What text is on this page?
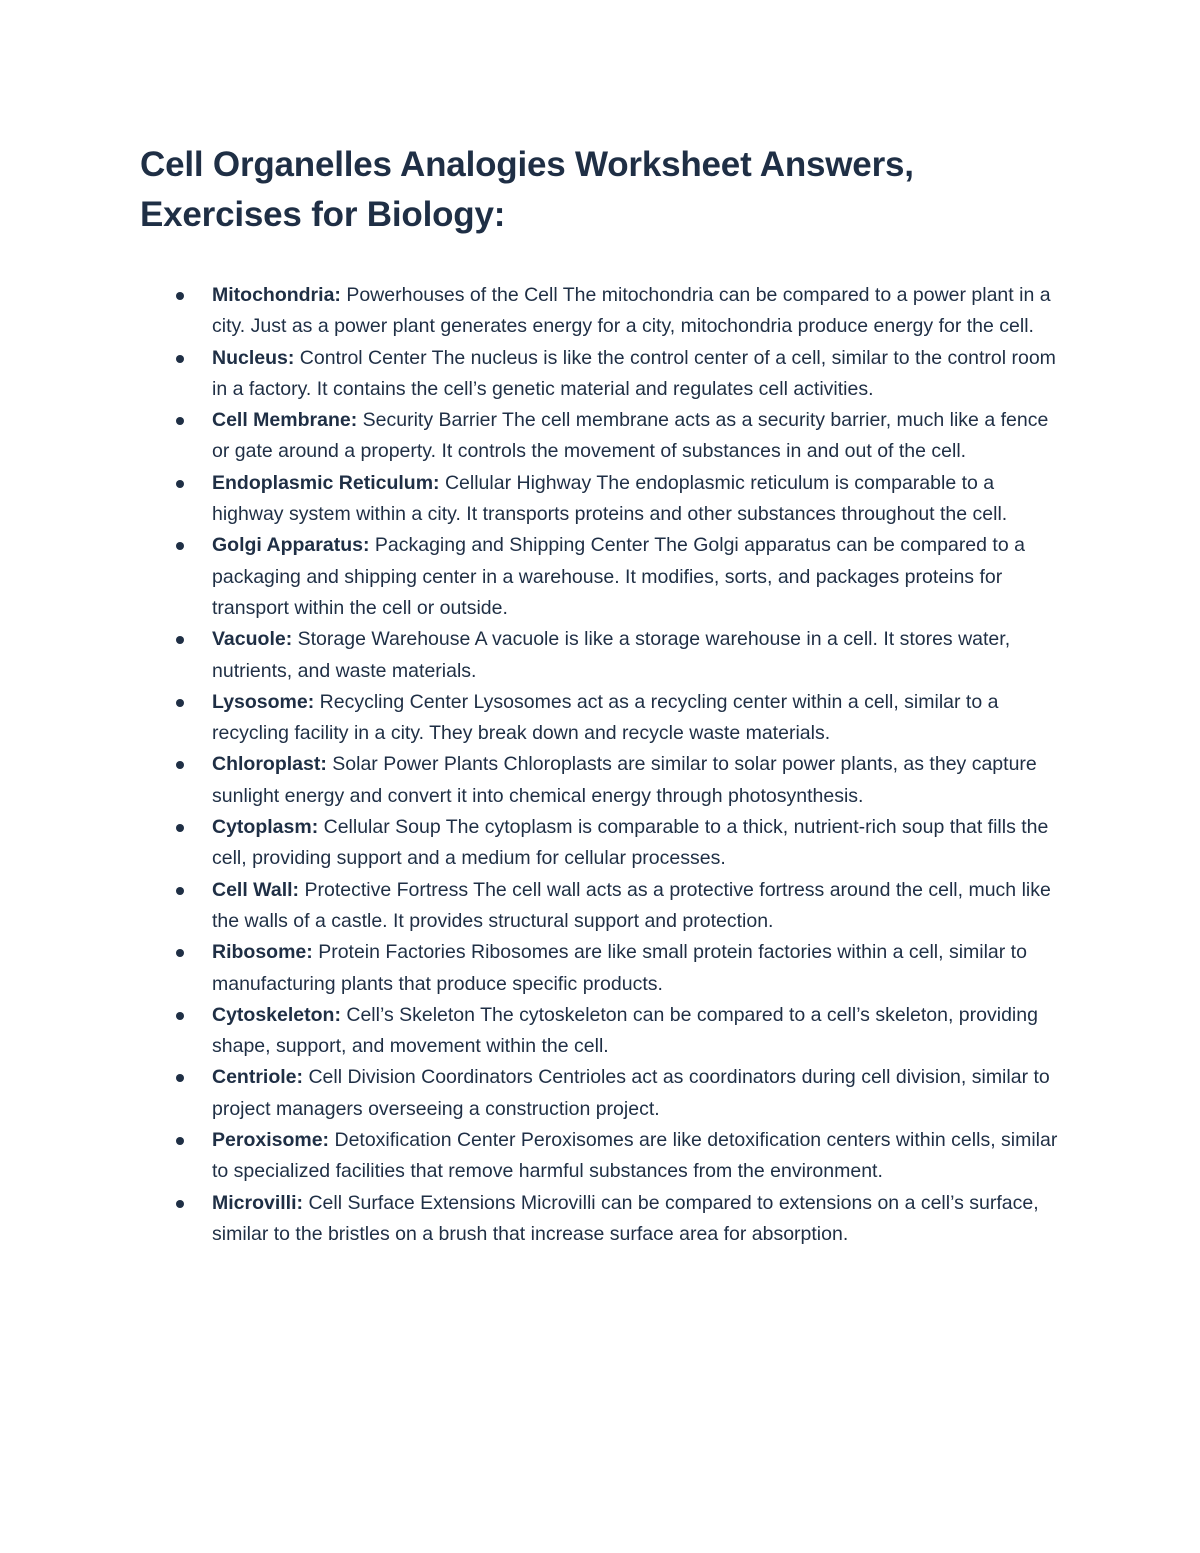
Cell Organelles Analogies Worksheet Answers, Exercises for Biology:
Mitochondria: Powerhouses of the Cell The mitochondria can be compared to a power plant in a city. Just as a power plant generates energy for a city, mitochondria produce energy for the cell.
Nucleus: Control Center The nucleus is like the control center of a cell, similar to the control room in a factory. It contains the cell’s genetic material and regulates cell activities.
Cell Membrane: Security Barrier The cell membrane acts as a security barrier, much like a fence or gate around a property. It controls the movement of substances in and out of the cell.
Endoplasmic Reticulum: Cellular Highway The endoplasmic reticulum is comparable to a highway system within a city. It transports proteins and other substances throughout the cell.
Golgi Apparatus: Packaging and Shipping Center The Golgi apparatus can be compared to a packaging and shipping center in a warehouse. It modifies, sorts, and packages proteins for transport within the cell or outside.
Vacuole: Storage Warehouse A vacuole is like a storage warehouse in a cell. It stores water, nutrients, and waste materials.
Lysosome: Recycling Center Lysosomes act as a recycling center within a cell, similar to a recycling facility in a city. They break down and recycle waste materials.
Chloroplast: Solar Power Plants Chloroplasts are similar to solar power plants, as they capture sunlight energy and convert it into chemical energy through photosynthesis.
Cytoplasm: Cellular Soup The cytoplasm is comparable to a thick, nutrient-rich soup that fills the cell, providing support and a medium for cellular processes.
Cell Wall: Protective Fortress The cell wall acts as a protective fortress around the cell, much like the walls of a castle. It provides structural support and protection.
Ribosome: Protein Factories Ribosomes are like small protein factories within a cell, similar to manufacturing plants that produce specific products.
Cytoskeleton: Cell’s Skeleton The cytoskeleton can be compared to a cell’s skeleton, providing shape, support, and movement within the cell.
Centriole: Cell Division Coordinators Centrioles act as coordinators during cell division, similar to project managers overseeing a construction project.
Peroxisome: Detoxification Center Peroxisomes are like detoxification centers within cells, similar to specialized facilities that remove harmful substances from the environment.
Microvilli: Cell Surface Extensions Microvilli can be compared to extensions on a cell’s surface, similar to the bristles on a brush that increase surface area for absorption.
